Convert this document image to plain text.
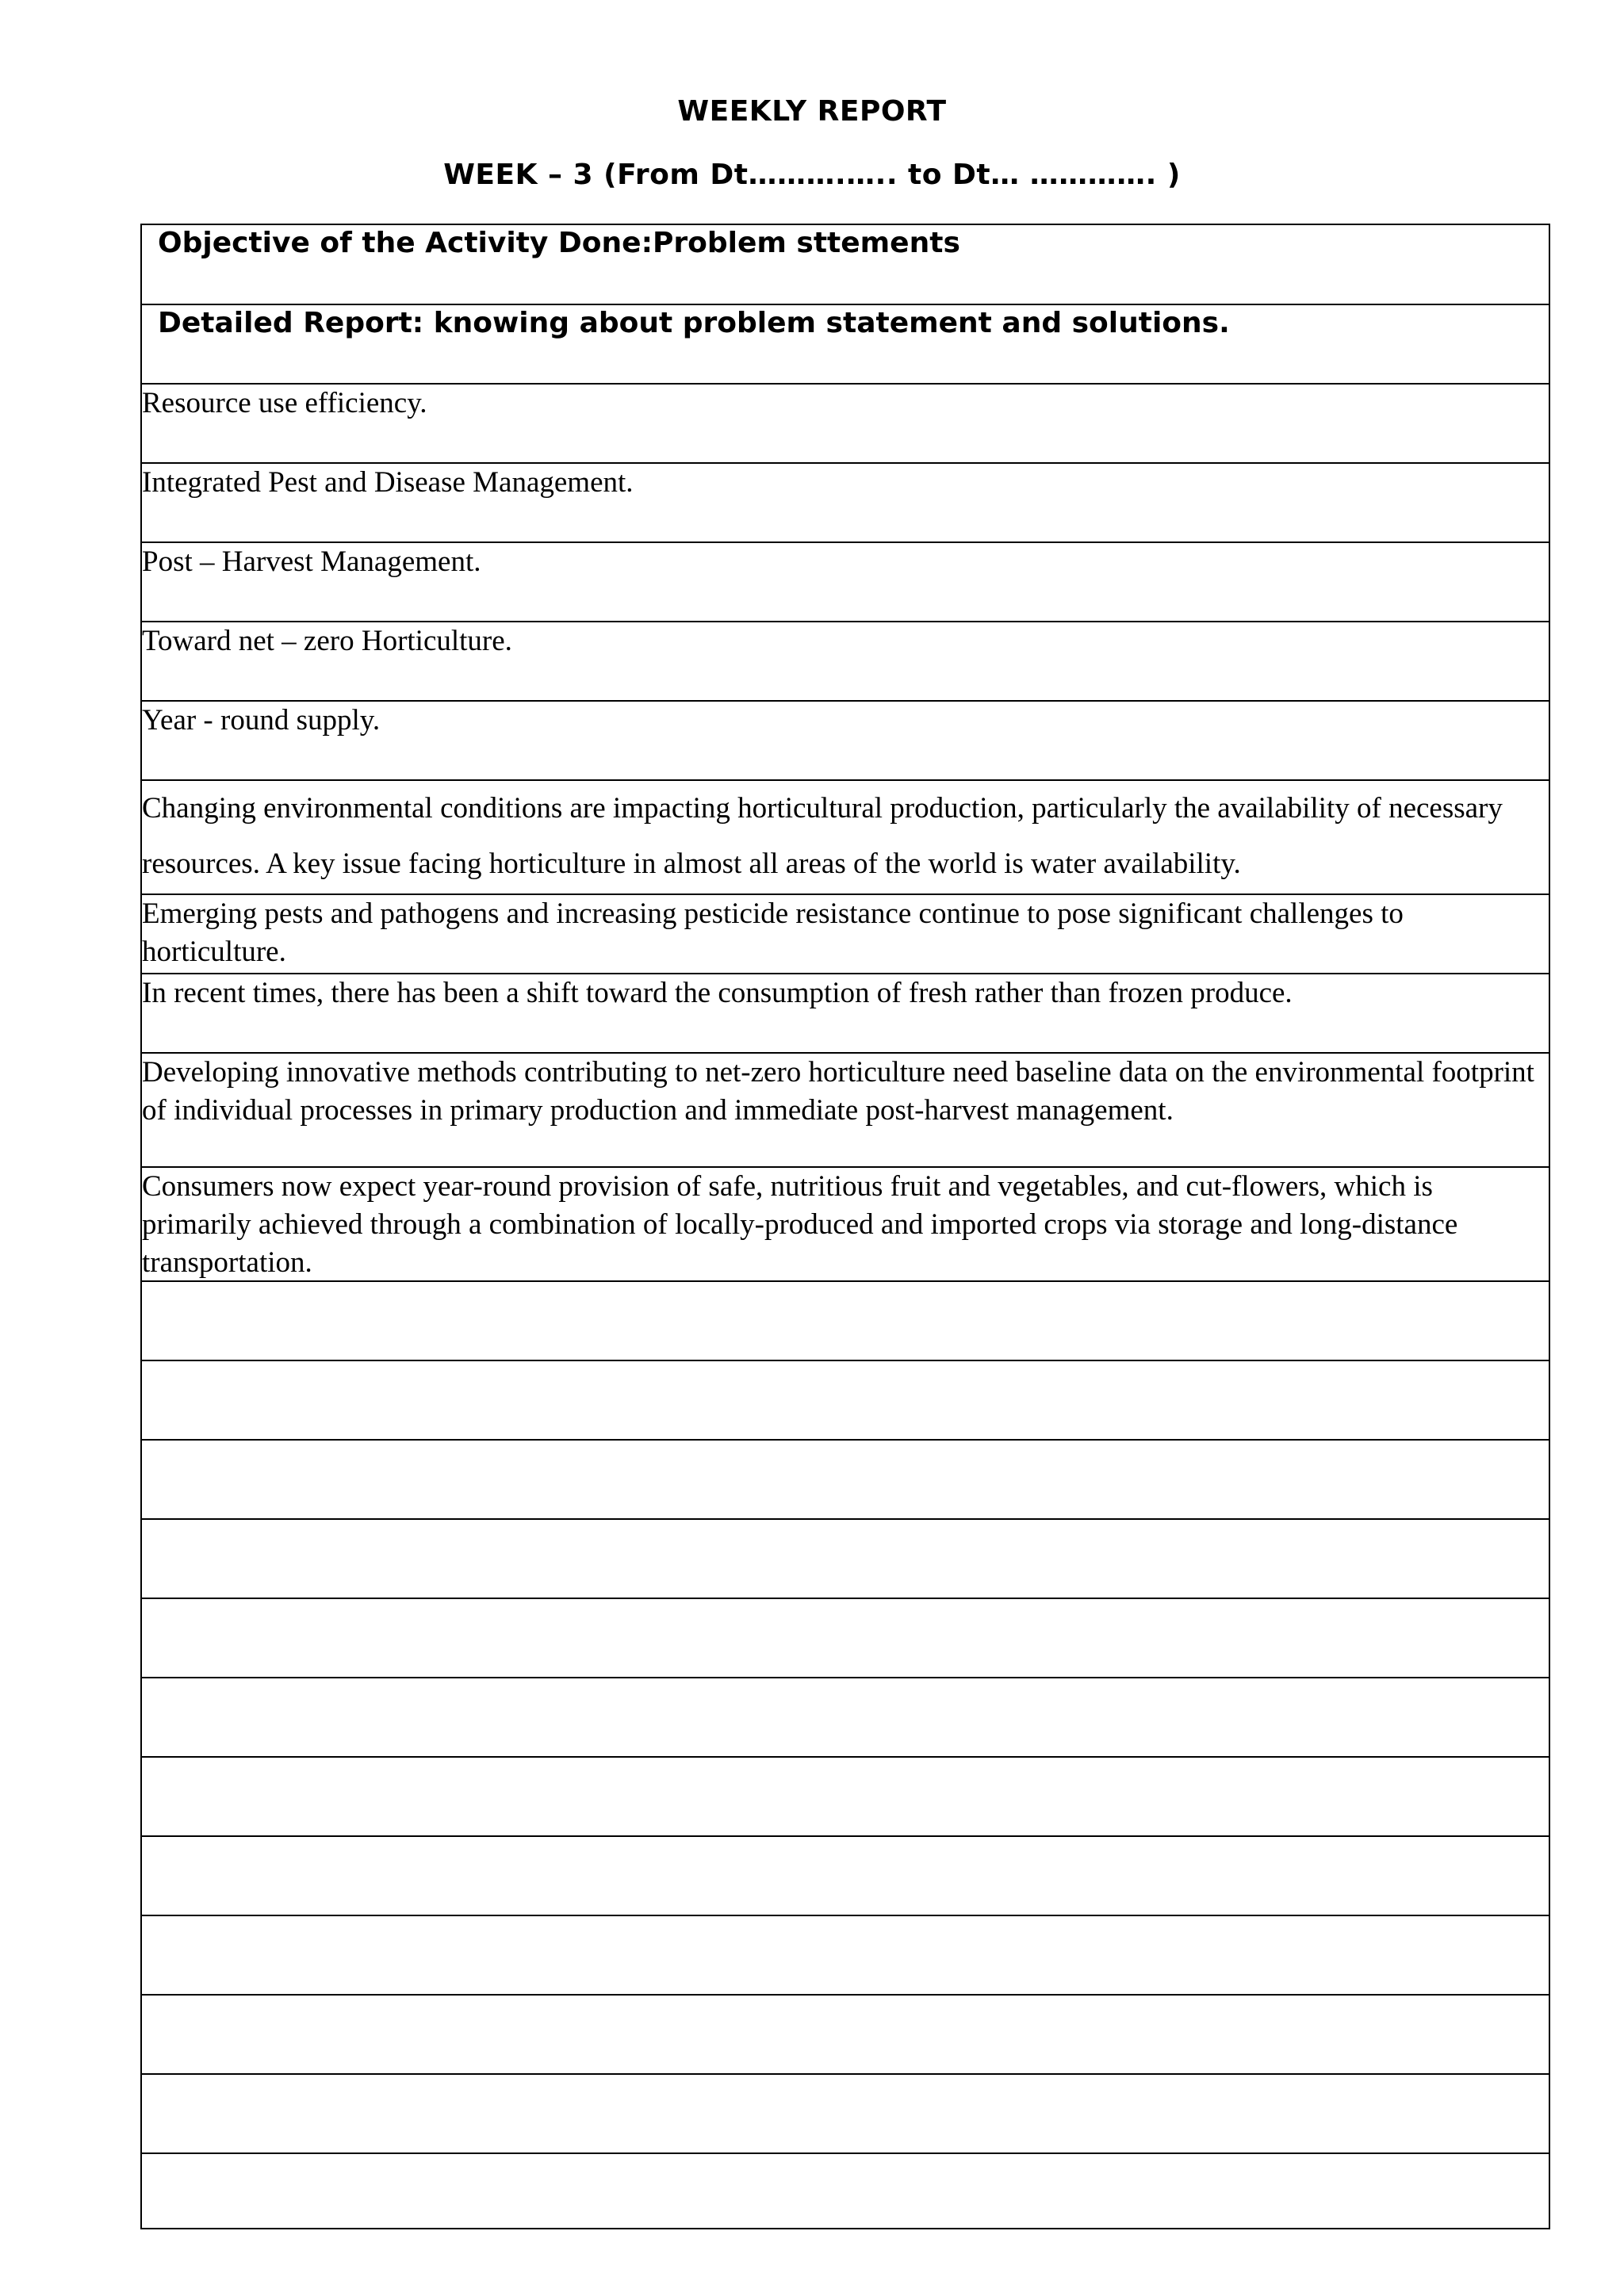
WEEKLY REPORT
WEEK – 3 (From Dt……….….. to Dt… …………. )
Objective of the Activity Done:Problem sttements
Detailed Report: knowing about problem statement and solutions.
Resource use efficiency.
Integrated Pest and Disease Management.
Post – Harvest Management.
Toward net – zero Horticulture.
Year - round supply.
Changing environmental conditions are impacting horticultural production, particularly the availability of necessary resources. A key issue facing horticulture in almost all areas of the world is water availability.
Emerging pests and pathogens and increasing pesticide resistance continue to pose significant challenges to horticulture.
In recent times, there has been a shift toward the consumption of fresh rather than frozen produce.
Developing innovative methods contributing to net-zero horticulture need baseline data on the environmental footprint of individual processes in primary production and immediate post-harvest management.
Consumers now expect year-round provision of safe, nutritious fruit and vegetables, and cut-flowers, which is primarily achieved through a combination of locally-produced and imported crops via storage and long-distance transportation.
